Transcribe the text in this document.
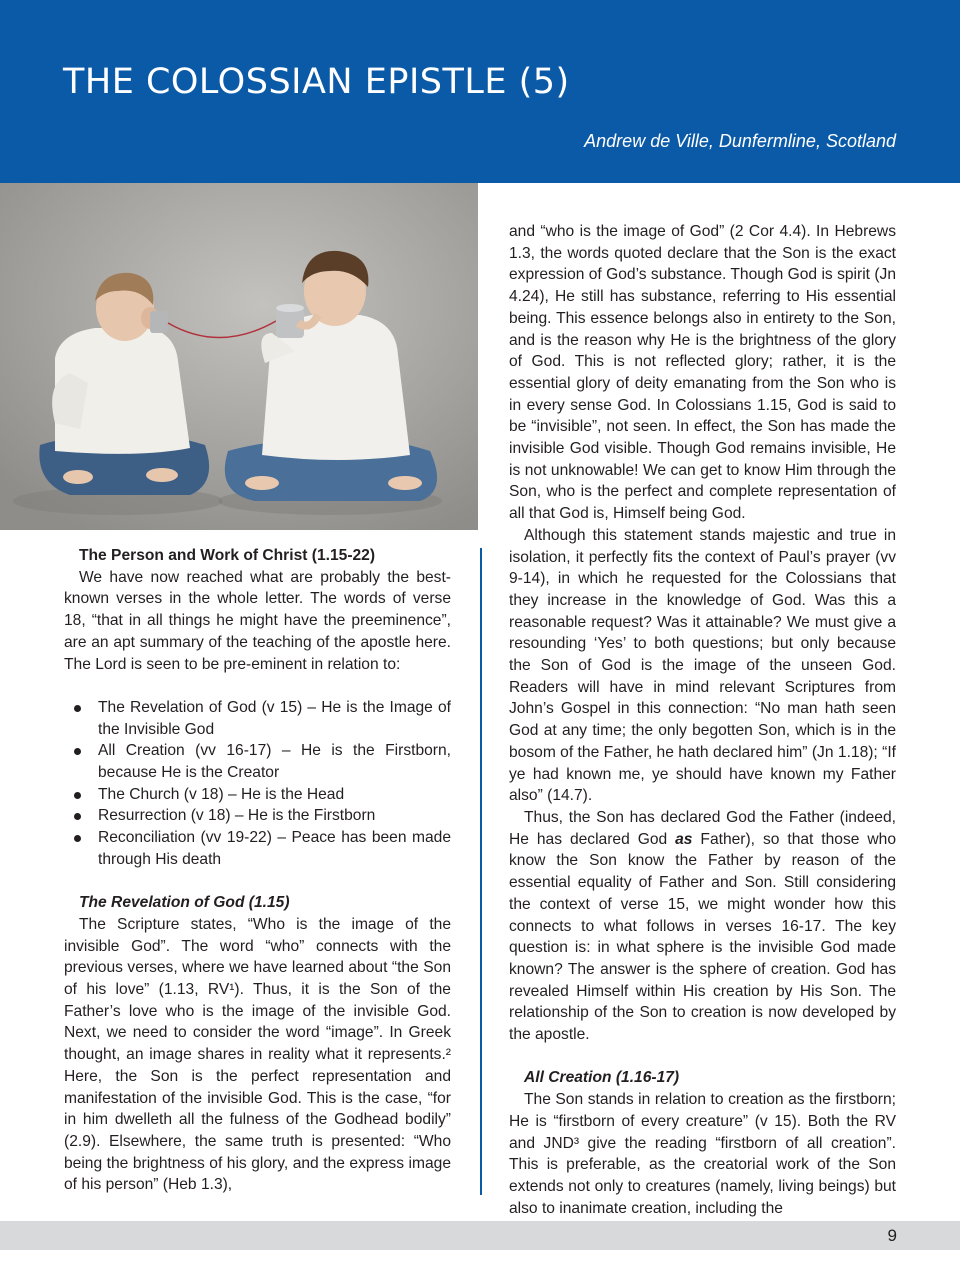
THE COLOSSIAN EPISTLE (5)
Andrew de Ville, Dunfermline, Scotland

The Person and Work of Christ (1.15-22)

We have now reached what are probably the best-known verses in the whole letter. The words of verse 18, “that in all things he might have the preeminence”, are an apt summary of the teaching of the apostle here. The Lord is seen to be pre-eminent in relation to:

The Revelation of God (v 15) – He is the Image of the Invisible God
All Creation (vv 16-17) – He is the Firstborn, because He is the Creator
The Church (v 18) – He is the Head
Resurrection (v 18) – He is the Firstborn
Reconciliation (vv 19-22) – Peace has been made through His death

The Revelation of God (1.15)

The Scripture states, “Who is the image of the invisible God”. The word “who” connects with the previous verses, where we have learned about “the Son of his love” (1.13, RV¹). Thus, it is the Son of the Father’s love who is the image of the invisible God. Next, we need to consider the word “image”. In Greek thought, an image shares in reality what it represents.² Here, the Son is the perfect representation and manifestation of the invisible God. This is the case, “for in him dwelleth all the fulness of the Godhead bodily” (2.9). Elsewhere, the same truth is presented: “Who being the brightness of his glory, and the express image of his person” (Heb 1.3),

and “who is the image of God” (2 Cor 4.4). In Hebrews 1.3, the words quoted declare that the Son is the exact expression of God’s substance. Though God is spirit (Jn 4.24), He still has substance, referring to His essential being. This essence belongs also in entirety to the Son, and is the reason why He is the brightness of the glory of God. This is not reflected glory; rather, it is the essential glory of deity emanating from the Son who is in every sense God. In Colossians 1.15, God is said to be “invisible”, not seen. In effect, the Son has made the invisible God visible. Though God remains invisible, He is not unknowable! We can get to know Him through the Son, who is the perfect and complete representation of all that God is, Himself being God.

Although this statement stands majestic and true in isolation, it perfectly fits the context of Paul’s prayer (vv 9-14), in which he requested for the Colossians that they increase in the knowledge of God. Was this a reasonable request? Was it attainable? We must give a resounding ‘Yes’ to both questions; but only because the Son of God is the image of the unseen God. Readers will have in mind relevant Scriptures from John’s Gospel in this connection: “No man hath seen God at any time; the only begotten Son, which is in the bosom of the Father, he hath declared him” (Jn 1.18); “If ye had known me, ye should have known my Father also” (14.7).

Thus, the Son has declared God the Father (indeed, He has declared God as Father), so that those who know the Son know the Father by reason of the essential equality of Father and Son. Still considering the context of verse 15, we might wonder how this connects to what follows in verses 16-17. The key question is: in what sphere is the invisible God made known? The answer is the sphere of creation. God has revealed Himself within His creation by His Son. The relationship of the Son to creation is now developed by the apostle.

All Creation (1.16-17)

The Son stands in relation to creation as the firstborn; He is “firstborn of every creature” (v 15). Both the RV and JND³ give the reading “firstborn of all creation”. This is preferable, as the creatorial work of the Son extends not only to creatures (namely, living beings) but also to inanimate creation, including the

9
